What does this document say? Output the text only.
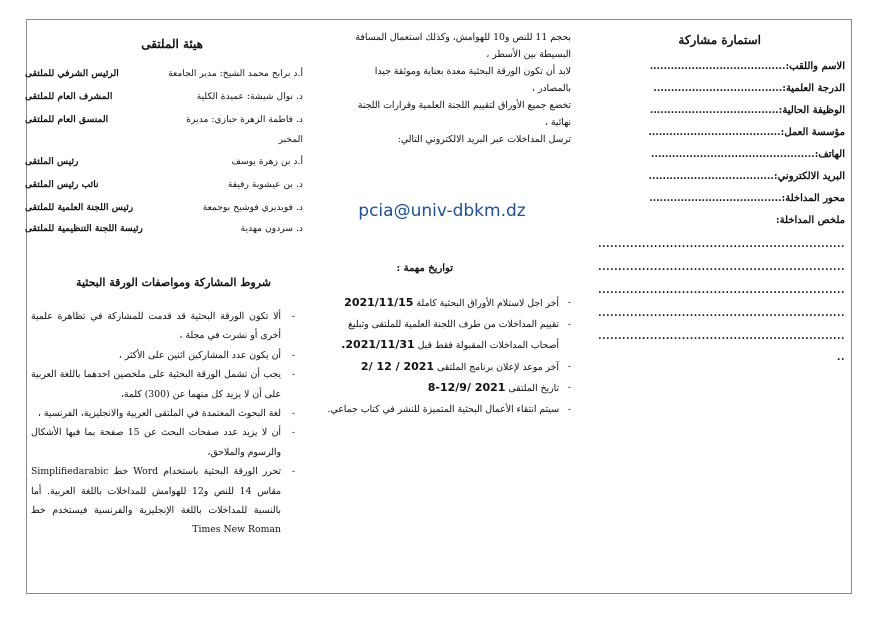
استمارة مشاركة
الاسم واللقب:.......................................
الدرجة العلمية:.....................................
الوظيفة الحالية:.....................................
مؤسسة العمل:......................................
الهاتف:...............................................
البريد الالكتروني:....................................
محور المداخلة:......................................
ملخص المداخلة:
..............................................................
..............................................................
..............................................................
..............................................................
..............................................................
..
بحجم 11 للنص و10 للهوامش، وكذلك استعمال المسافة
البسيطة بين الأسطر ،
لابد أن تكون الورقة البحثية معدة بعناية وموثقة جيدا
بالمصادر ،
تخضع جميع الأوراق لتقييم اللجنة العلمية وقرارات اللجنة
نهائية ،
ترسل المداخلات عبر البريد الالكتروني التالي:
pcia@univ-dbkm.dz
تواريخ مهمة :
- أخر اجل لاستلام الأوراق البحثية كاملة 2021/11/15
- تقييم المداخلات من طرف اللجنة العلمية للملتقى وتبليغ
أصحاب المداخلات المقبولة فقط قبل 2021/11/31.
- آخر موعد لإعلان برنامج الملتقى 2021 / 12 /2
- تاريخ الملتقى 2021 /12/9-8
- سيتم انتقاء الأعمال البحثية المتميزة للنشر في كتاب جماعي.
هيئة الملتقى
أ.د برابح محمد الشيخ: مدير الجامعة
الرئيس الشرفي للملتقى
د. نوال شيشة: عميدة الكلية
المشرف العام للملتقى
د. فاطمة الزهرة حبازي: مديرة
المنسق العام للملتقى
المخبر
أ.د بن زهرة يوسف
رئيس الملتقى
د. بن عيشوبة رفيقة
نائب رئيس الملتقى
د. فويديري فوشيح بوجمعة
رئيس اللجنة العلمية للملتقى
د. سردون مهدية
رئيسة اللجنة التنظيمية للملتقى
شروط المشاركة ومواصفات الورقة البحثية
- ألا تكون الورقة البحثية قد قدمت للمشاركة في تظاهرة علمية أخرى أو نشرت في مجلة ،
- أن يكون عدد المشاركين اثنين على الأكثر ،
- يجب أن تشمل الورقة البحثية على ملخصين احدهما باللغة العربية على أن لا يزيد كل منهما عن (300) كلمة،
- لغة البحوث المعتمدة في الملتقى العربية والانجليزية، الفرنسية ،
- أن لا يزيد عدد صفحات البحث عن 15 صفحة بما فيها الأشكال والرسوم والملاحق،
- تحرر الورقة البحثية باستخدام Word خط Simplifiedarabic مقاس 14 للنص و12 للهوامش للمداخلات باللغة العربية. أما بالنسبة للمداخلات باللغة الإنجليزية والفرنسية فيستخدم خط Times New Roman
